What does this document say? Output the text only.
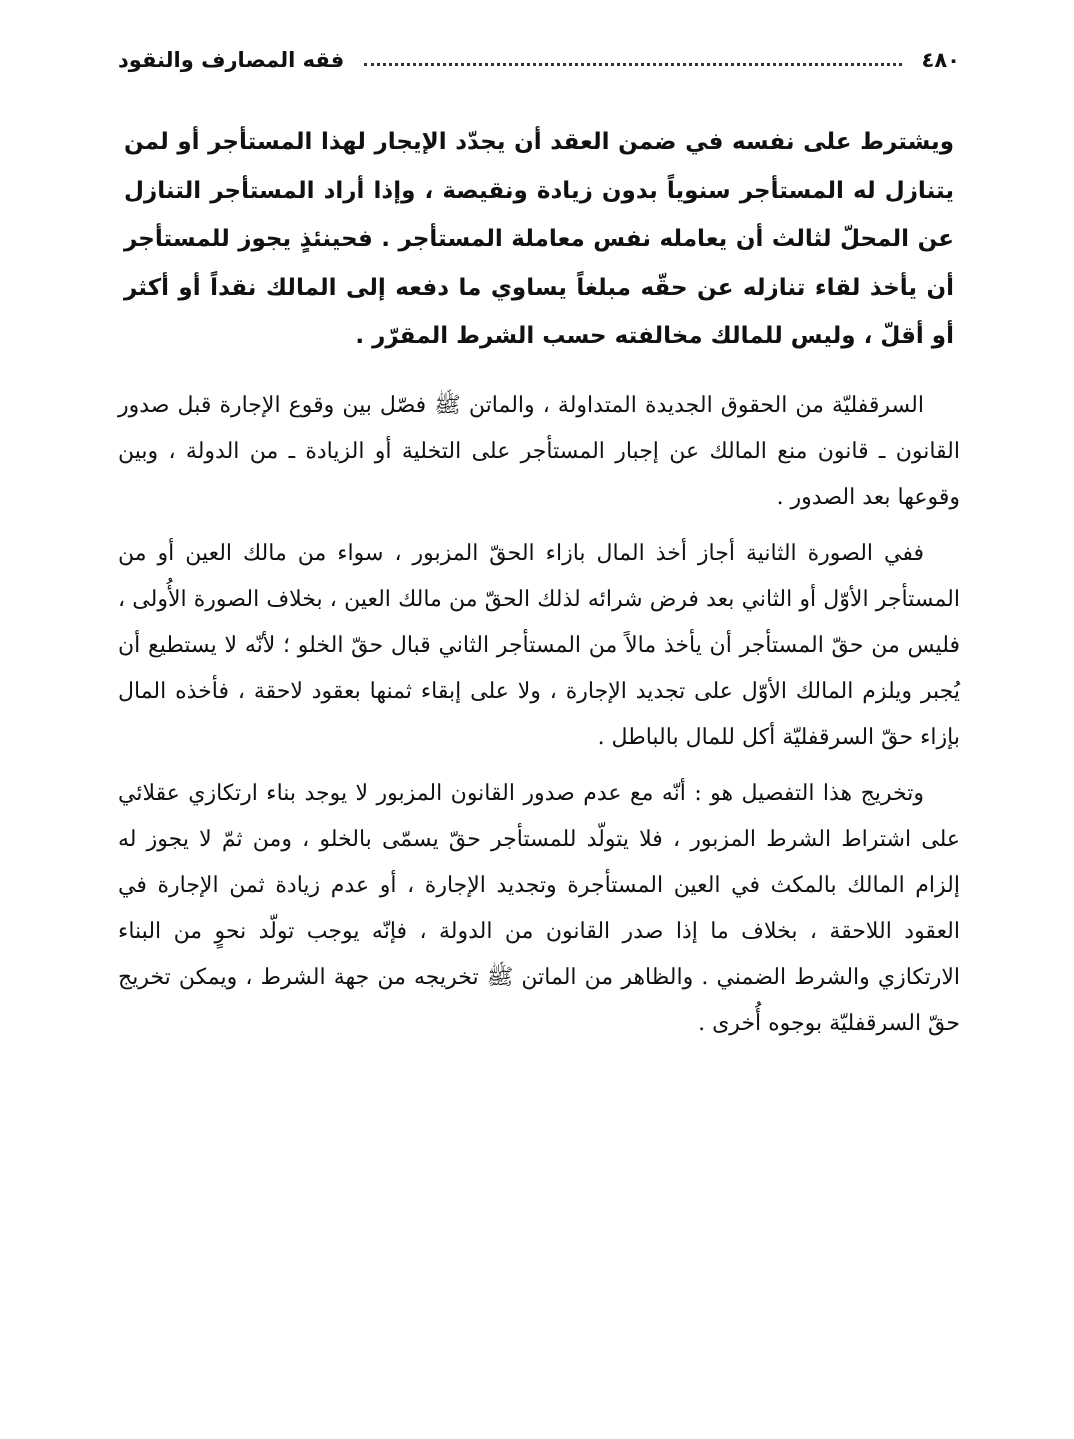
٤٨٠
فقه المصارف والنقود

ويشترط على نفسه في ضمن العقد أن يجدّد الإيجار لهذا المستأجر أو لمن يتنازل له المستأجر سنوياً بدون زيادة ونقيصة ، وإذا أراد المستأجر التنازل عن المحلّ لثالث أن يعامله نفس معاملة المستأجر . فحينئذٍ يجوز للمستأجر أن يأخذ لقاء تنازله عن حقّه مبلغاً يساوي ما دفعه إلى المالك نقداً أو أكثر أو أقلّ ، وليس للمالك مخالفته حسب الشرط المقرّر .

السرقفليّة من الحقوق الجديدة المتداولة ، والماتن ﷺ فصّل بين وقوع الإجارة قبل صدور القانون ـ قانون منع المالك عن إجبار المستأجر على التخلية أو الزيادة ـ من الدولة ، وبين وقوعها بعد الصدور .

ففي الصورة الثانية أجاز أخذ المال بازاء الحقّ المزبور ، سواء من مالك العين أو من المستأجر الأوّل أو الثاني بعد فرض شرائه لذلك الحقّ من مالك العين ، بخلاف الصورة الأُولى ، فليس من حقّ المستأجر أن يأخذ مالاً من المستأجر الثاني قبال حقّ الخلو ؛ لأنّه لا يستطيع أن يُجبر ويلزم المالك الأوّل على تجديد الإجارة ، ولا على إبقاء ثمنها بعقود لاحقة ، فأخذه المال بإزاء حقّ السرقفليّة أكل للمال بالباطل .

وتخريج هذا التفصيل هو : أنّه مع عدم صدور القانون المزبور لا يوجد بناء ارتكازي عقلائي على اشتراط الشرط المزبور ، فلا يتولّد للمستأجر حقّ يسمّى بالخلو ، ومن ثمّ لا يجوز له إلزام المالك بالمكث في العين المستأجرة وتجديد الإجارة ، أو عدم زيادة ثمن الإجارة في العقود اللاحقة ، بخلاف ما إذا صدر القانون من الدولة ، فإنّه يوجب تولّد نحوٍ من البناء الارتكازي والشرط الضمني . والظاهر من الماتن ﷺ تخريجه من جهة الشرط ، ويمكن تخريج حقّ السرقفليّة بوجوه أُخرى .
